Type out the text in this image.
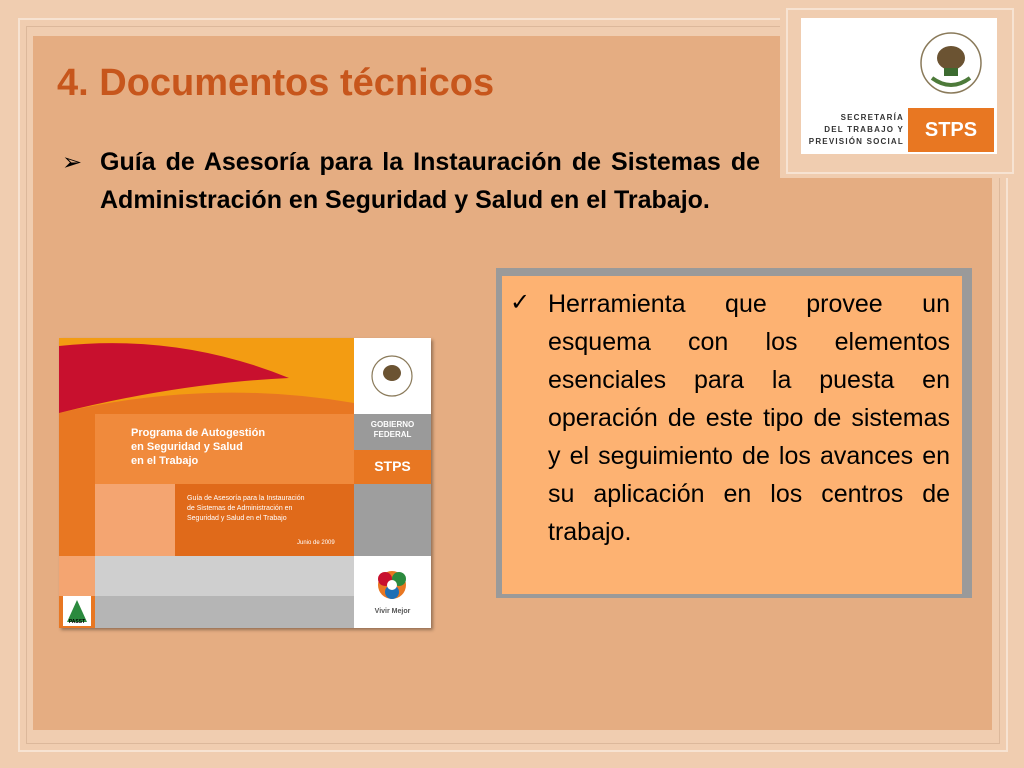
SECRETARÍA
DEL TRABAJO Y
PREVISIÓN SOCIAL
STPS
4. Documentos técnicos
➢ Guía de Asesoría para la Instauración de Sistemas de Administración en Seguridad y Salud en el Trabajo.
Programa de Autogestión
en Seguridad y Salud
en el Trabajo
Guía de Asesoría para la Instauración
de Sistemas de Administración en
Seguridad y Salud en el Trabajo
Junio de 2009
GOBIERNO
FEDERAL
STPS
Vivir Mejor
PASST
✓ Herramienta que provee un esquema con los elementos esenciales para la puesta en operación de este tipo de sistemas y el seguimiento de los avances en su aplicación en los centros de trabajo.
